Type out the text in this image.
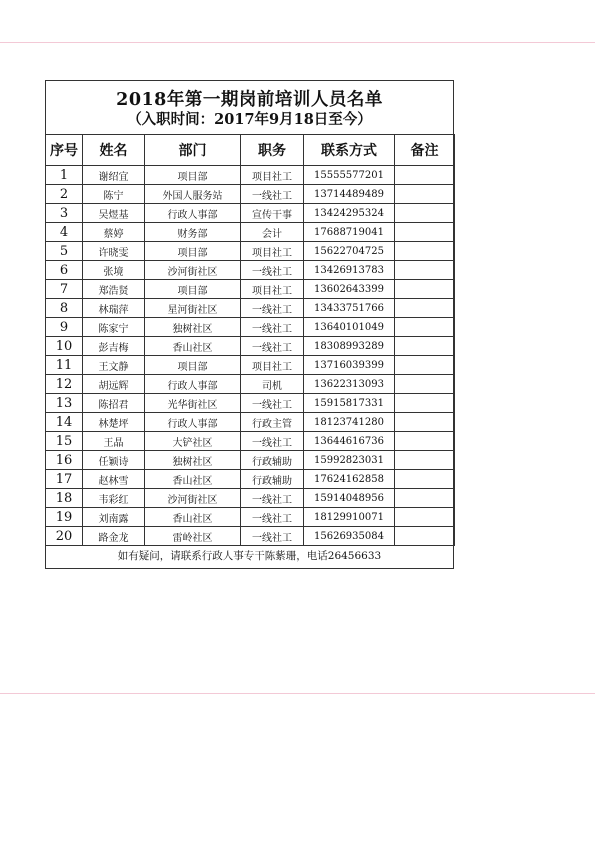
2018年第一期岗前培训人员名单
（入职时间：2017年9月18日至今）
序号	姓名	部门	职务	联系方式	备注
1	谢绍宜	项目部	项目社工	15555577201	
2	陈宁	外国人服务站	一线社工	13714489489	
3	吴煜基	行政人事部	宣传干事	13424295324	
4	蔡婷	财务部	会计	17688719041	
5	许晓雯	项目部	项目社工	15622704725	
6	张境	沙河街社区	一线社工	13426913783	
7	郑浩贤	项目部	项目社工	13602643399	
8	林瑞萍	星河街社区	一线社工	13433751766	
9	陈家宁	独树社区	一线社工	13640101049	
10	彭吉梅	香山社区	一线社工	18308993289	
11	王文静	项目部	项目社工	13716039399	
12	胡远辉	行政人事部	司机	13622313093	
13	陈招君	光华街社区	一线社工	15915817331	
14	林楚坪	行政人事部	行政主管	18123741280	
15	王晶	大铲社区	一线社工	13644616736	
16	任颖诗	独树社区	行政辅助	15992823031	
17	赵林雪	香山社区	行政辅助	17624162858	
18	韦彩红	沙河街社区	一线社工	15914048956	
19	刘南露	香山社区	一线社工	18129910071	
20	路金龙	雷岭社区	一线社工	15626935084	
如有疑问，请联系行政人事专干陈紫珊，电话26456633
